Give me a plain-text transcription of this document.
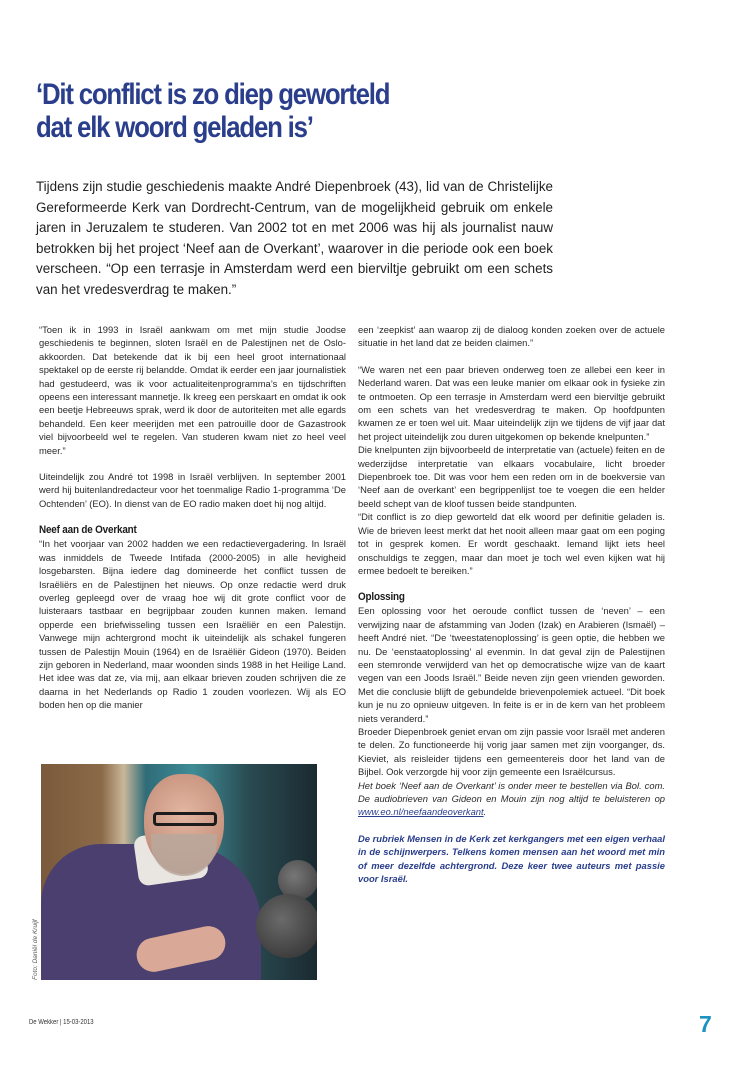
‘Dit conflict is zo diep geworteld
dat elk woord geladen is’

Tijdens zijn studie geschiedenis maakte André Diepenbroek (43), lid van de Christelijke Gereformeerde Kerk van Dordrecht-Centrum, van de mogelijkheid gebruik om enkele jaren in Jeruzalem te studeren. Van 2002 tot en met 2006 was hij als journalist nauw betrokken bij het project ‘Neef aan de Overkant’, waarover in die periode ook een boek verscheen. “Op een terrasje in Amsterdam werd een bierviltje gebruikt om een schets van het vredesverdrag te maken.”

“Toen ik in 1993 in Israël aankwam om met mijn studie Joodse geschiedenis te beginnen, sloten Israël en de Palestijnen net de Oslo-akkoorden. Dat betekende dat ik bij een heel groot internationaal spektakel op de eerste rij belandde. Omdat ik eerder een jaar journalistiek had gestudeerd, was ik voor actualiteitenprogramma’s en tijdschriften opeens een interessant mannetje. Ik kreeg een perskaart en omdat ik ook een beetje Hebreeuws sprak, werd ik door de autoriteiten met alle egards behandeld. Een keer meerijden met een patrouille door de Gazastrook viel bijvoorbeeld wel te regelen. Van studeren kwam niet zo heel veel meer.”

Uiteindelijk zou André tot 1998 in Israël verblijven. In september 2001 werd hij buitenlandredacteur voor het toenmalige Radio 1-programma ‘De Ochtenden’ (EO). In dienst van de EO radio maken doet hij nog altijd.

Neef aan de Overkant

“In het voorjaar van 2002 hadden we een redactievergadering. In Israël was inmiddels de Tweede Intifada (2000-2005) in alle hevigheid losgebarsten. Bijna iedere dag domineerde het conflict tussen de Israëliërs en de Palestijnen het nieuws. Op onze redactie werd druk overleg gepleegd over de vraag hoe wij dit grote conflict voor de luisteraars tastbaar en begrijpbaar zouden kunnen maken. Iemand opperde een briefwisseling tussen een Israëliër en een Palestijn. Vanwege mijn achtergrond mocht ik uiteindelijk als schakel fungeren tussen de Palestijn Mouin (1964) en de Israëliër Gideon (1970). Beiden zijn geboren in Nederland, maar woonden sinds 1988 in het Heilige Land. Het idee was dat ze, via mij, aan elkaar brieven zouden schrijven die ze daarna in het Nederlands op Radio 1 zouden voorlezen. Wij als EO boden hen op die manier

Foto: Daniël de Kruijf

een ‘zeepkist’ aan waarop zij de dialoog konden zoeken over de actuele situatie in het land dat ze beiden claimen.”

“We waren net een paar brieven onderweg toen ze allebei een keer in Nederland waren. Dat was een leuke manier om elkaar ook in fysieke zin te ontmoeten. Op een terrasje in Amsterdam werd een bierviltje gebruikt om een schets van het vredesverdrag te maken. Op hoofdpunten kwamen ze er toen wel uit. Maar uiteindelijk zijn we tijdens de vijf jaar dat het project uiteindelijk zou duren uitgekomen op bekende knelpunten.”

Die knelpunten zijn bijvoorbeeld de interpretatie van (actuele) feiten en de wederzijdse interpretatie van elkaars vocabulaire, licht broeder Diepenbroek toe. Dit was voor hem een reden om in de boekversie van ‘Neef aan de overkant’ een begrippenlijst toe te voegen die een helder beeld schept van de kloof tussen beide standpunten.

“Dit conflict is zo diep geworteld dat elk woord per definitie geladen is. Wie de brieven leest merkt dat het nooit alleen maar gaat om een poging tot in gesprek komen. Er wordt geschaakt. Iemand lijkt iets heel onschuldigs te zeggen, maar dan moet je toch wel even kijken wat hij ermee bedoelt te bereiken.”

Oplossing

Een oplossing voor het oeroude conflict tussen de ‘neven’ – een verwijzing naar de afstamming van Joden (Izak) en Arabieren (Ismaël) – heeft André niet. “De ‘tweestatenoplossing’ is geen optie, die hebben we nu. De ‘eenstaatoplossing’ al evenmin. In dat geval zijn de Palestijnen een stemronde verwijderd van het op democratische wijze van de kaart vegen van een Joods Israël.” Beide neven zijn geen vrienden geworden. Met die conclusie blijft de gebundelde brievenpolemiek actueel. “Dit boek kun je nu zo opnieuw uitgeven. In feite is er in de kern van het probleem niets veranderd.”

Broeder Diepenbroek geniet ervan om zijn passie voor Israël met anderen te delen. Zo functioneerde hij vorig jaar samen met zijn voorganger, ds. Kieviet, als reisleider tijdens een gemeentereis door het land van de Bijbel. Ook verzorgde hij voor zijn gemeente een Israëlcursus.

Het boek ‘Neef aan de Overkant’ is onder meer te bestellen via Bol. com. De audiobrieven van Gideon en Mouin zijn nog altijd te beluisteren op www.eo.nl/neefaandeoverkant.

De rubriek Mensen in de Kerk zet kerkgangers met een eigen verhaal in de schijnwerpers. Telkens komen mensen aan het woord met min of meer dezelfde achtergrond. Deze keer twee auteurs met passie voor Israël.

De Wekker | 15-03-2013	7
